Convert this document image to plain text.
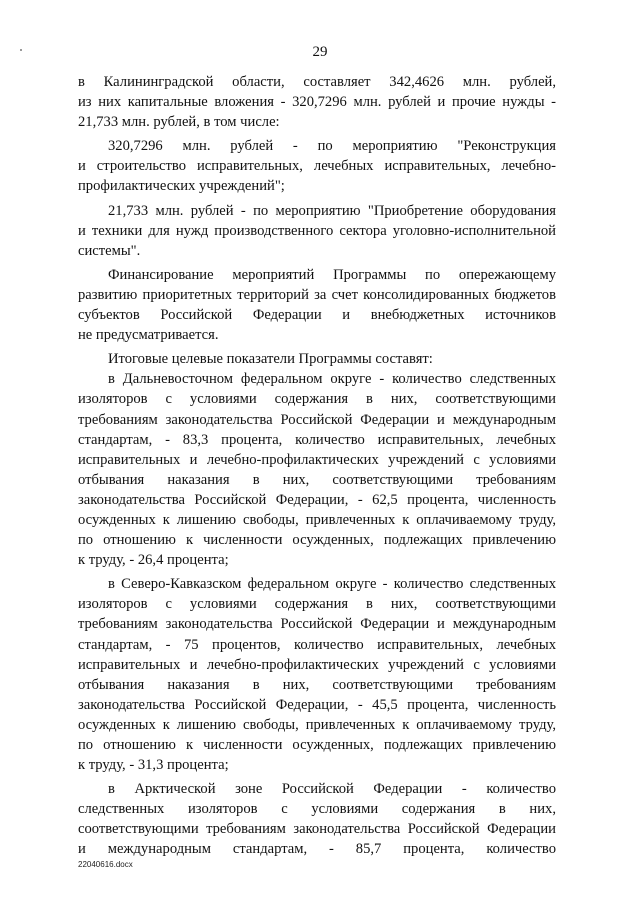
29

в Калининградской области, составляет 342,4626 млн. рублей,

из них капитальные вложения - 320,7296 млн. рублей и прочие нужды -

21,733 млн. рублей, в том числе:

320,7296 млн. рублей - по мероприятию "Реконструкция

и строительство исправительных, лечебных исправительных, лечебно-

профилактических учреждений";

21,733 млн. рублей - по мероприятию "Приобретение оборудования

и техники для нужд производственного сектора уголовно-исполнительной

системы".

Финансирование мероприятий Программы по опережающему

развитию приоритетных территорий за счет консолидированных бюджетов

субъектов Российской Федерации и внебюджетных источников

не предусматривается.

Итоговые целевые показатели Программы составят:

в Дальневосточном федеральном округе - количество следственных

изоляторов с условиями содержания в них, соответствующими

требованиям законодательства Российской Федерации и международным

стандартам, - 83,3 процента, количество исправительных, лечебных

исправительных и лечебно-профилактических учреждений с условиями

отбывания наказания в них, соответствующими требованиям

законодательства Российской Федерации, - 62,5 процента, численность

осужденных к лишению свободы, привлеченных к оплачиваемому труду,

по отношению к численности осужденных, подлежащих привлечению

к труду, - 26,4 процента;

в Северо-Кавказском федеральном округе - количество следственных

изоляторов с условиями содержания в них, соответствующими

требованиям законодательства Российской Федерации и международным

стандартам, - 75 процентов, количество исправительных, лечебных

исправительных и лечебно-профилактических учреждений с условиями

отбывания наказания в них, соответствующими требованиям

законодательства Российской Федерации, - 45,5 процента, численность

осужденных к лишению свободы, привлеченных к оплачиваемому труду,

по отношению к численности осужденных, подлежащих привлечению

к труду, - 31,3 процента;

в Арктической зоне Российской Федерации - количество

следственных изоляторов с условиями содержания в них,

соответствующими требованиям законодательства Российской Федерации

и международным стандартам, - 85,7 процента, количество

22040616.docx
